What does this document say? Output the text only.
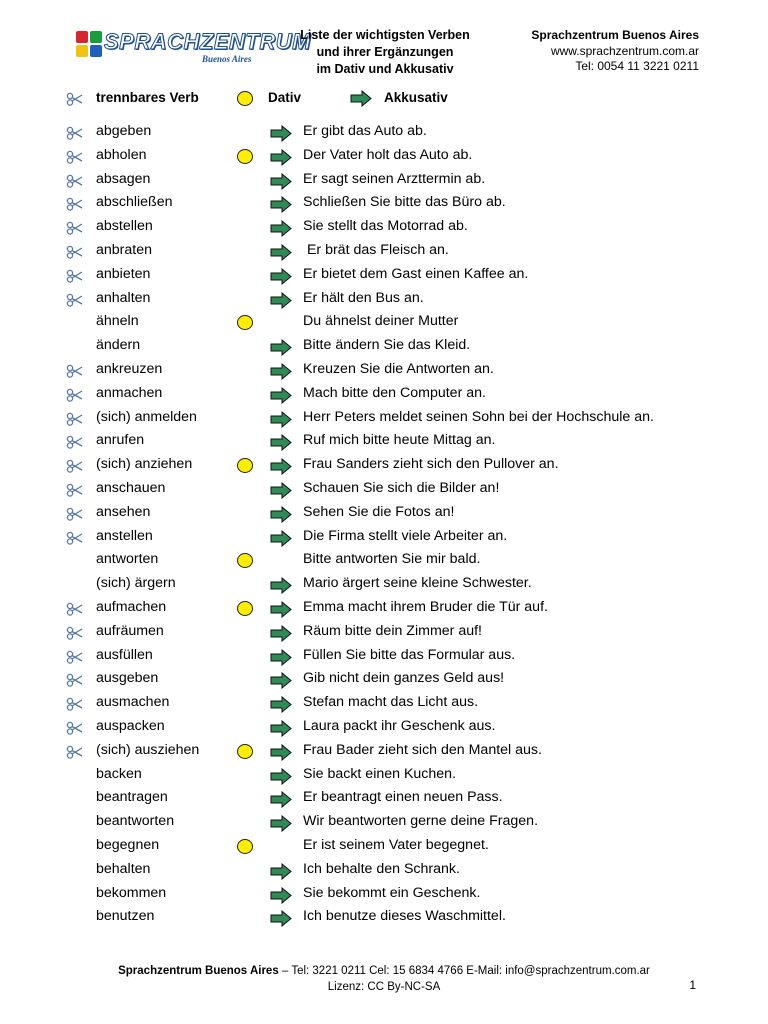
SPRACHZENTRUM
Buenos Aires
Liste der wichtigsten Verben
und ihrer Ergänzungen
im Dativ und Akkusativ
Sprachzentrum Buenos Aires
www.sprachzentrum.com.ar
Tel: 0054 11 3221 0211
trennbares Verb	Dativ	Akkusativ
abgeben	Er gibt das Auto ab.
abholen	Der Vater holt das Auto ab.
absagen	Er sagt seinen Arzttermin ab.
abschließen	Schließen Sie bitte das Büro ab.
abstellen	Sie stellt das Motorrad ab.
anbraten	Er brät das Fleisch an.
anbieten	Er bietet dem Gast einen Kaffee an.
anhalten	Er hält den Bus an.
ähneln	Du ähnelst deiner Mutter
ändern	Bitte ändern Sie das Kleid.
ankreuzen	Kreuzen Sie die Antworten an.
anmachen	Mach bitte den Computer an.
(sich) anmelden	Herr Peters meldet seinen Sohn bei der Hochschule an.
anrufen	Ruf mich bitte heute Mittag an.
(sich) anziehen	Frau Sanders zieht sich den Pullover an.
anschauen	Schauen Sie sich die Bilder an!
ansehen	Sehen Sie die Fotos an!
anstellen	Die Firma stellt viele Arbeiter an.
antworten	Bitte antworten Sie mir bald.
(sich) ärgern	Mario ärgert seine kleine Schwester.
aufmachen	Emma macht ihrem Bruder die Tür auf.
aufräumen	Räum bitte dein Zimmer auf!
ausfüllen	Füllen Sie bitte das Formular aus.
ausgeben	Gib nicht dein ganzes Geld aus!
ausmachen	Stefan macht das Licht aus.
auspacken	Laura packt ihr Geschenk aus.
(sich) ausziehen	Frau Bader zieht sich den Mantel aus.
backen	Sie backt einen Kuchen.
beantragen	Er beantragt einen neuen Pass.
beantworten	Wir beantworten gerne deine Fragen.
begegnen	Er ist seinem Vater begegnet.
behalten	Ich behalte den Schrank.
bekommen	Sie bekommt ein Geschenk.
benutzen	Ich benutze dieses Waschmittel.
Sprachzentrum Buenos Aires – Tel: 3221 0211 Cel: 15 6834 4766 E-Mail: info@sprachzentrum.com.ar
Lizenz: CC By-NC-SA	1
